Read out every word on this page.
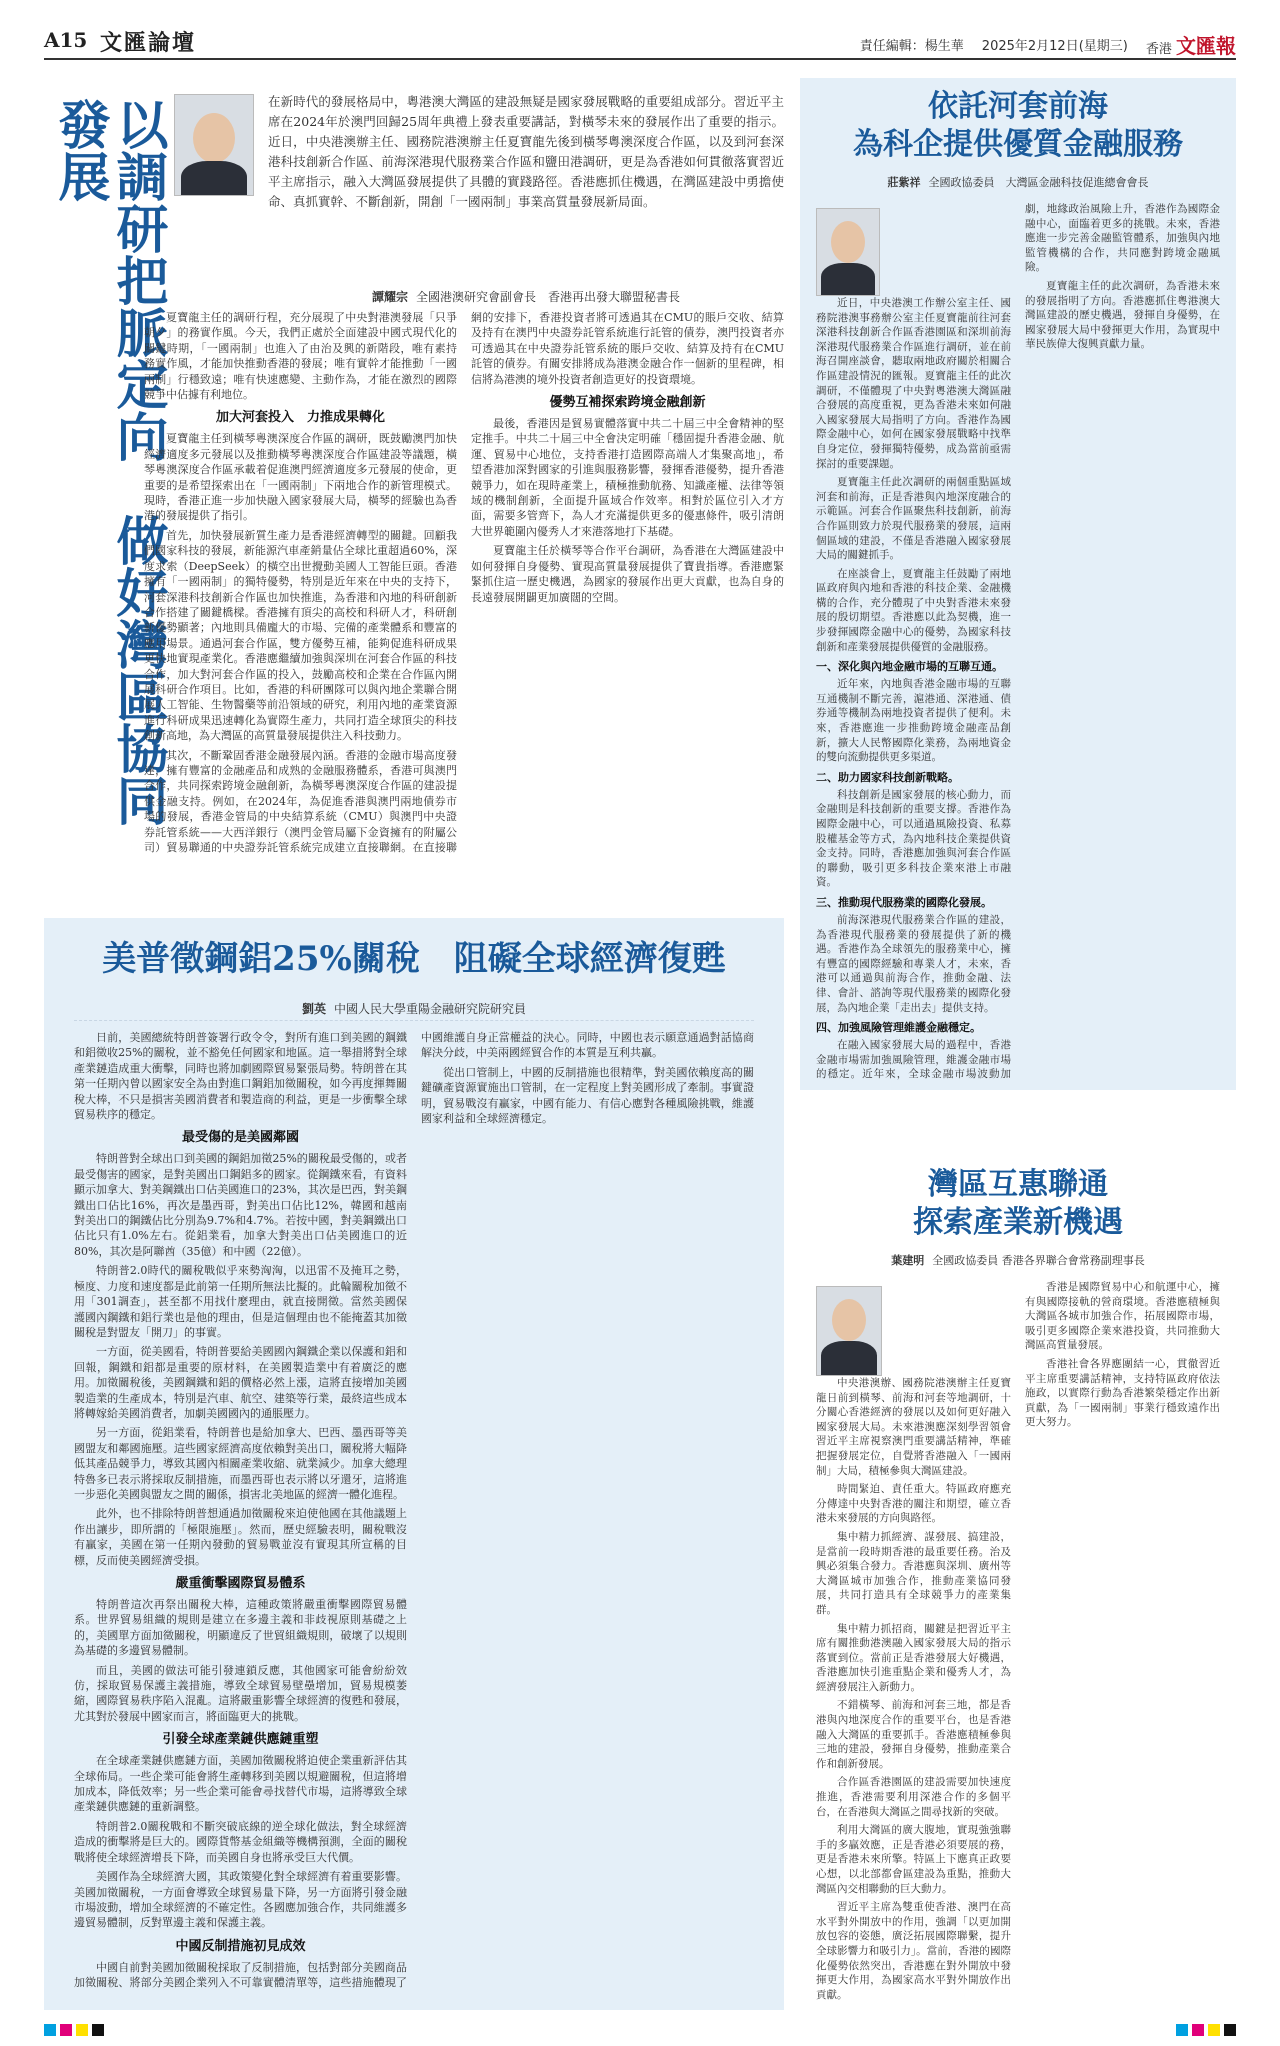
A15 文匯論壇	責任編輯：楊生華 2025年2月12日(星期三) 香港 文匯報
以調研把脈定向　做好灣區協同發展	在新時代的發展格局中，粵港澳大灣區的建設無疑是國家發展戰略的重要組成部分。習近平主席在2024年於澳門回歸25周年典禮上發表重要講話，對橫琴未來的發展作出了重要的指示。近日，中央港澳辦主任、國務院港澳辦主任夏寶龍先後到橫琴粵澳深度合作區，以及到河套深港科技創新合作區、前海深港現代服務業合作區和鹽田港調研，更是為香港如何貫徹落實習近平主席指示，融入大灣區發展提供了具體的實踐路徑。香港應抓住機遇，在灣區建設中勇擔使命、真抓實幹、不斷創新，開創「一國兩制」事業高質量發展新局面。
譚耀宗 全國港澳研究會副會長　香港再出發大聯盟秘書長

夏寶龍主任的調研行程，充分展現了中央對港澳發展「只爭朝夕」的務實作風。今天，我們正處於全面建設中國式現代化的關鍵時期，「一國兩制」也進入了由治及興的新階段，唯有素持務實作風，才能加快推動香港的發展；唯有實幹才能推動「一國兩制」行穩致遠；唯有快速應變、主動作為，才能在激烈的國際競爭中佔據有利地位。

加大河套投入　力推成果轉化

夏寶龍主任到橫琴粵澳深度合作區的調研，既鼓勵澳門加快經濟適度多元發展以及推動橫琴粵澳深度合作區建設等議題，橫琴粵澳深度合作區承載着促進澳門經濟適度多元發展的使命，更重要的是希望探索出在「一國兩制」下兩地合作的新管理模式。現時，香港正進一步加快融入國家發展大局，橫琴的經驗也為香港的發展提供了指引。

首先，加快發展新質生產力是香港經濟轉型的關鍵。回顧我們國家科技的發展，新能源汽車產銷量佔全球比重超過60%，深度求索（DeepSeek）的橫空出世攪動美國人工智能巨頭。香港擁有「一國兩制」的獨特優勢，特別是近年來在中央的支持下，河套深港科技創新合作區也加快推進，為香港和內地的科研創新合作搭建了關鍵橋樑。香港擁有頂尖的高校和科研人才，科研創新優勢顯著；內地則具備龐大的市場、完備的產業體系和豐富的應用場景。通過河套合作區，雙方優勢互補，能夠促進科研成果更快地實現產業化。香港應繼續加強與深圳在河套合作區的科技合作，加大對河套合作區的投入，鼓勵高校和企業在合作區內開展科研合作項目。比如，香港的科研團隊可以與內地企業聯合開展人工智能、生物醫藥等前沿領域的研究，利用內地的產業資源進行科研成果迅速轉化為實際生產力，共同打造全球頂尖的科技創新高地，為大灣區的高質量發展提供注入科技動力。

其次，不斷鞏固香港金融發展內涵。香港的金融市場高度發達，擁有豐富的金融產品和成熟的金融服務體系，香港可與澳門合作，共同探索跨境金融創新，為橫琴粵澳深度合作區的建設提供金融支持。例如，在2024年，為促進香港與澳門兩地債券市場的發展，香港金管局的中央結算系統（CMU）與澳門中央證券託管系統——大西洋銀行（澳門金管局屬下金資擁有的附屬公司）貿易聯通的中央證券託管系統完成建立直接聯網。在直接聯網的安排下，香港投資者將可透過其在CMU的賬戶交收、結算及持有在澳門中央證券託管系統進行託管的債券，澳門投資者亦可透過其在中央證券託管系統的賬戶交收、結算及持有在CMU託管的債券。有關安排將成為港澳金融合作一個新的里程碑，相信將為港澳的境外投資者創造更好的投資環境。

優勢互補探索跨境金融創新

最後，香港因是貿易實體落實中共二十屆三中全會精神的堅定推手。中共二十屆三中全會決定明確「穩固提升香港金融、航運、貿易中心地位，支持香港打造國際高端人才集聚高地」，希望香港加深對國家的引進與服務影響，發揮香港優勢，提升香港競爭力，如在現時產業上，積極推動航務、知識產權、法律等領域的機制創新，全面提升區域合作效率。相對於區位引入才方面，需要多管齊下，為人才充滿提供更多的優惠條件，吸引清朗大世界範圍內優秀人才來港落地打下基礎。

夏寶龍主任於橫琴等合作平台調研，為香港在大灣區建設中如何發揮自身優勢、實現高質量發展提供了寶貴指導。香港應緊緊抓住這一歷史機遇，為國家的發展作出更大貢獻，也為自身的長遠發展開闢更加廣闊的空間。

美普徵鋼鋁25%關稅　阻礙全球經濟復甦
劉英 中國人民大學重陽金融研究院研究員

日前，美國總統特朗普簽署行政令令，對所有進口到美國的鋼鐵和鋁徵收25%的關稅，並不豁免任何國家和地區。這一舉措將對全球產業鏈造成重大衝擊，同時也將加劇國際貿易緊張局勢。特朗普在其第一任期內曾以國家安全為由對進口鋼鋁加徵關稅，如今再度揮舞關稅大棒，不只是損害美國消費者和製造商的利益，更是一步衝擊全球貿易秩序的穩定。

最受傷的是美國鄰國

特朗普對全球出口到美國的鋼鋁加徵25%的關稅最受傷的，或者最受傷害的國家，是對美國出口鋼鋁多的國家。從鋼鐵來看，有資料顯示加拿大、對美鋼鐵出口佔美國進口的23%，其次是巴西，對美鋼鐵出口佔比16%，再次是墨西哥，對美出口佔比12%，韓國和越南對美出口的鋼鐵佔比分別為9.7%和4.7%。若按中國，對美鋼鐵出口佔比只有1.0%左右。從鋁業看，加拿大對美出口佔美國進口的近80%，其次是阿聯酋（35億）和中國（22億）。

特朗普2.0時代的關稅戰似乎來勢洶洶，以迅雷不及掩耳之勢，極度、力度和速度都是此前第一任期所無法比擬的。此輪關稅加徵不用「301調查」，甚至都不用找什麼理由，就直接開徵。當然美國保護國內鋼鐵和鋁行業也是他的理由，但是這個理由也不能掩蓋其加徵關稅是對盟友「開刀」的事實。

一方面，從美國看，特朗普要給美國國內鋼鐵企業以保護和鋁和回報，鋼鐵和鋁都是重要的原材料，在美國製造業中有着廣泛的應用。加徵關稅後，美國鋼鐵和鋁的價格必然上漲，這將直接增加美國製造業的生產成本，特別是汽車、航空、建築等行業，最終這些成本將轉嫁給美國消費者，加劇美國國內的通脹壓力。

另一方面，從鋁業看，特朗普也是給加拿大、巴西、墨西哥等美國盟友和鄰國施壓。這些國家經濟高度依賴對美出口，關稅將大幅降低其產品競爭力，導致其國內相關產業收縮、就業減少。加拿大總理特魯多已表示將採取反制措施，而墨西哥也表示將以牙還牙，這將進一步惡化美國與盟友之間的關係，損害北美地區的經濟一體化進程。

此外，也不排除特朗普想通過加徵關稅來迫使他國在其他議題上作出讓步，即所謂的「極限施壓」。然而，歷史經驗表明，關稅戰沒有贏家，美國在第一任期內發動的貿易戰並沒有實現其所宣稱的目標，反而使美國經濟受損。

嚴重衝擊國際貿易體系

特朗普這次再祭出關稅大棒，這種政策將嚴重衝擊國際貿易體系。世界貿易組織的規則是建立在多邊主義和非歧視原則基礎之上的，美國單方面加徵關稅，明顯違反了世貿組織規則，破壞了以規則為基礎的多邊貿易體制。

而且，美國的做法可能引發連鎖反應，其他國家可能會紛紛效仿，採取貿易保護主義措施，導致全球貿易壁壘增加，貿易規模萎縮，國際貿易秩序陷入混亂。這將嚴重影響全球經濟的復甦和發展，尤其對於發展中國家而言，將面臨更大的挑戰。

引發全球產業鏈供應鏈重塑

在全球產業鏈供應鏈方面，美國加徵關稅將迫使企業重新評估其全球佈局。一些企業可能會將生產轉移到美國以規避關稅，但這將增加成本，降低效率；另一些企業可能會尋找替代市場，這將導致全球產業鏈供應鏈的重新調整。

特朗普2.0關稅戰和不斷突破底線的逆全球化做法，對全球經濟造成的衝擊將是巨大的。國際貨幣基金組織等機構預測，全面的關稅戰將使全球經濟增長下降，而美國自身也將承受巨大代價。

美國作為全球經濟大國，其政策變化對全球經濟有着重要影響。美國加徵關稅，一方面會導致全球貿易量下降，另一方面將引發金融市場波動，增加全球經濟的不確定性。各國應加強合作，共同維護多邊貿易體制，反對單邊主義和保護主義。

中國反制措施初見成效

中國自前對美國加徵關稅採取了反制措施，包括對部分美國商品加徵關稅、將部分美國企業列入不可靠實體清單等，這些措施體現了中國維護自身正當權益的決心。同時，中國也表示願意通過對話協商解決分歧，中美兩國經貿合作的本質是互利共贏。

從出口管制上，中國的反制措施也很精準，對美國依賴度高的關鍵礦產資源實施出口管制，在一定程度上對美國形成了牽制。事實證明，貿易戰沒有贏家，中國有能力、有信心應對各種風險挑戰，維護國家利益和全球經濟穩定。

依託河套前海
為科企提供優質金融服務
莊紫祥 全國政協委員　大灣區金融科技促進總會會長

近日，中央港澳工作辦公室主任、國務院港澳事務辦公室主任夏寶龍前往河套深港科技創新合作區香港園區和深圳前海深港現代服務業合作區進行調研，並在前海召開座談會，聽取兩地政府關於相關合作區建設情況的匯報。夏寶龍主任的此次調研，不僅體現了中央對粵港澳大灣區融合發展的高度重視，更為香港未來如何融入國家發展大局指明了方向。香港作為國際金融中心，如何在國家發展戰略中找準自身定位，發揮獨特優勢，成為當前亟需探討的重要課題。

夏寶龍主任此次調研的兩個重點區域河套和前海，正是香港與內地深度融合的示範區。河套合作區聚焦科技創新，前海合作區則致力於現代服務業的發展，這兩個區域的建設，不僅是香港融入國家發展大局的關鍵抓手。

在座談會上，夏寶龍主任鼓勵了兩地區政府與內地和香港的科技企業、金融機構的合作，充分體現了中央對香港未來發展的殷切期望。香港應以此為契機，進一步發揮國際金融中心的優勢，為國家科技創新和產業發展提供優質的金融服務。

一、深化與內地金融市場的互聯互通。

近年來，內地與香港金融市場的互聯互通機制不斷完善，滬港通、深港通、債券通等機制為兩地投資者提供了便利。未來，香港應進一步推動跨境金融產品創新，擴大人民幣國際化業務，為兩地資金的雙向流動提供更多渠道。

二、助力國家科技創新戰略。

科技創新是國家發展的核心動力，而金融則是科技創新的重要支撐。香港作為國際金融中心，可以通過風險投資、私募股權基金等方式，為內地科技企業提供資金支持。同時，香港應加強與河套合作區的聯動，吸引更多科技企業來港上市融資。

三、推動現代服務業的國際化發展。

前海深港現代服務業合作區的建設，為香港現代服務業的發展提供了新的機遇。香港作為全球領先的服務業中心，擁有豐富的國際經驗和專業人才，未來，香港可以通過與前海合作，推動金融、法律、會計、諮詢等現代服務業的國際化發展，為內地企業「走出去」提供支持。

四、加強風險管理維護金融穩定。

在融入國家發展大局的過程中，香港金融市場需加強風險管理，維護金融市場的穩定。近年來，全球金融市場波動加劇，地緣政治風險上升，香港作為國際金融中心，面臨着更多的挑戰。未來，香港應進一步完善金融監管體系，加強與內地監管機構的合作，共同應對跨境金融風險。

夏寶龍主任的此次調研，為香港未來的發展指明了方向。香港應抓住粵港澳大灣區建設的歷史機遇，發揮自身優勢，在國家發展大局中發揮更大作用，為實現中華民族偉大復興貢獻力量。

灣區互惠聯通
探索產業新機遇
葉建明 全國政協委員 香港各界聯合會常務副理事長

中央港澳辦、國務院港澳辦主任夏寶龍日前到橫琴、前海和河套等地調研，十分關心香港經濟的發展以及如何更好融入國家發展大局。未來港澳應深刻學習領會習近平主席視察澳門重要講話精神，準確把握發展定位，自覺將香港融入「一國兩制」大局，積極參與大灣區建設。

時間緊迫、責任重大。特區政府應充分傳達中央對香港的關注和期望，確立香港未來發展的方向與路徑。

集中精力抓經濟、謀發展、搞建設，是當前一段時期香港的最重要任務。治及興必須集合發力。香港應與深圳、廣州等大灣區城市加強合作，推動產業協同發展，共同打造具有全球競爭力的產業集群。

集中精力抓招商，關鍵是把習近平主席有關推動港澳融入國家發展大局的指示落實到位。當前正是香港發展大好機遇，香港應加快引進重點企業和優秀人才，為經濟發展注入新動力。

不錯橫琴、前海和河套三地，都是香港與內地深度合作的重要平台，也是香港融入大灣區的重要抓手。香港應積極參與三地的建設，發揮自身優勢，推動產業合作和創新發展。

合作區香港園區的建設需要加快速度推進，香港需要利用深港合作的多個平台，在香港與大灣區之間尋找新的突破。

利用大灣區的廣大腹地，實現強強聯手的多贏效應，正是香港必須要展的務，更是香港未來所擎。特區上下應真正政要心想，以北部都會區建設為重點，推動大灣區內交相聯動的巨大動力。

習近平主席為雙重使香港、澳門在高水平對外開放中的作用，強調「以更加開放包容的姿態，廣泛拓展國際聯繫，提升全球影響力和吸引力」。當前，香港的國際化優勢依然突出，香港應在對外開放中發揮更大作用，為國家高水平對外開放作出貢獻。

香港是國際貿易中心和航運中心，擁有與國際接軌的營商環境。香港應積極與大灣區各城市加強合作，拓展國際市場，吸引更多國際企業來港投資，共同推動大灣區高質量發展。

香港社會各界應團結一心，貫徹習近平主席重要講話精神，支持特區政府依法施政，以實際行動為香港繁榮穩定作出新貢獻，為「一國兩制」事業行穩致遠作出更大努力。
